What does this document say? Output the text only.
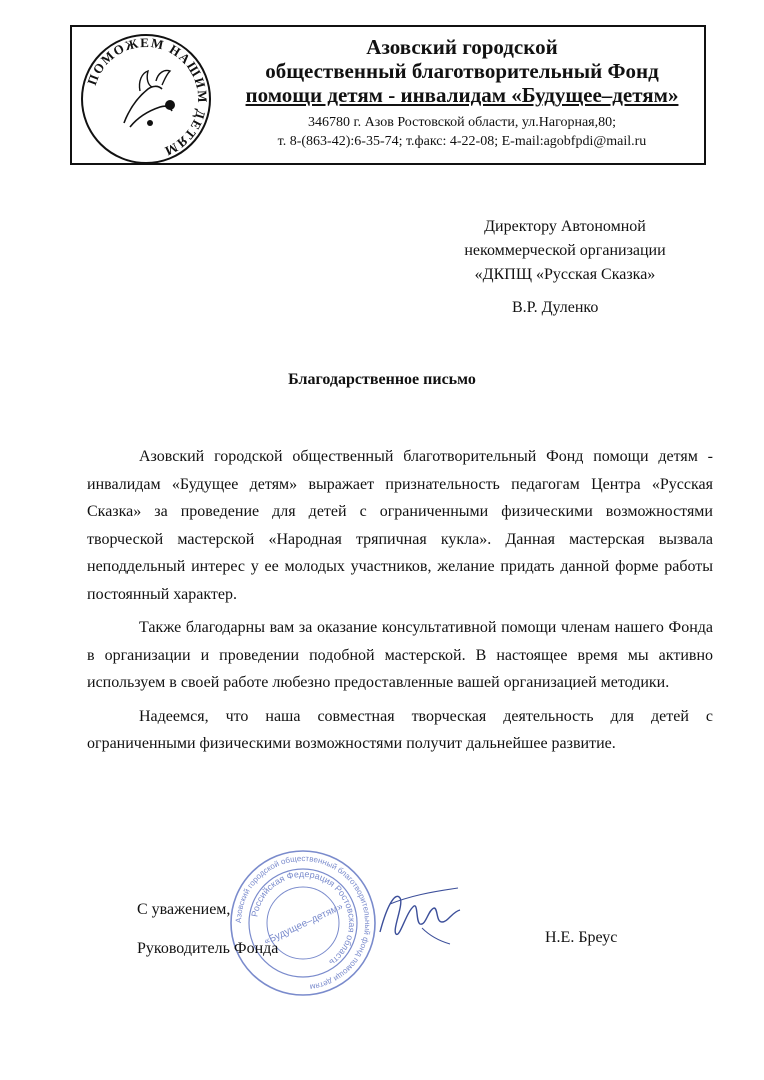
ПОМОЖЕМ НАШИМ ДЕТЯМ
Азовский городской
общественный благотворительный Фонд
помощи детям - инвалидам «Будущее–детям»
346780 г. Азов Ростовской области, ул.Нагорная,80;
т. 8-(863-42):6-35-74; т.факс: 4-22-08; E-mail:agobfpdi@mail.ru
Директору Автономной
некоммерческой организации
«ДКПЩ «Русская Сказка»
В.Р. Дуленко
Благодарственное письмо

Азовский городской общественный благотворительный Фонд помощи детям - инвалидам «Будущее детям» выражает признательность педагогам Центра «Русская Сказка» за проведение для детей с ограниченными физическими возможностями творческой мастерской «Народная тряпичная кукла». Данная мастерская вызвала неподдельный интерес у ее молодых участников, желание придать данной форме работы постоянный характер.

Также благодарны вам за оказание консультативной помощи членам нашего Фонда в организации и проведении подобной мастерской. В настоящее время мы активно используем в своей работе любезно предоставленные вашей организацией методики.

Надеемся, что наша совместная творческая деятельность для детей с ограниченными физическими возможностями получит дальнейшее развитие.

Азовский городской общественный благотворительный фонд помощи детям
Российская Федерация Ростовская область
«Будущее–детям»
С уважением,
Руководитель Фонда
Н.Е. Бреус
